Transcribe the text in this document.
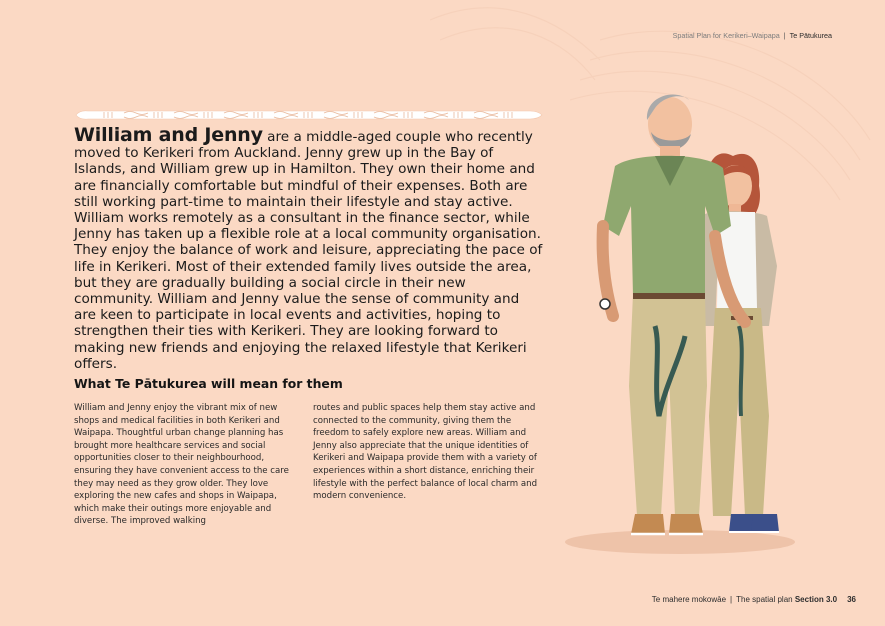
Spatial Plan for Kerikeri–Waipapa | Te Pātukurea

William and Jenny are a middle-aged couple who recently moved to Kerikeri from Auckland. Jenny grew up in the Bay of Islands, and William grew up in Hamilton. They own their home and are financially comfortable but mindful of their expenses. Both are still working part-time to maintain their lifestyle and stay active. William works remotely as a consultant in the finance sector, while Jenny has taken up a flexible role at a local community organisation. They enjoy the balance of work and leisure, appreciating the pace of life in Kerikeri. Most of their extended family lives outside the area, but they are gradually building a social circle in their new community. William and Jenny value the sense of community and are keen to participate in local events and activities, hoping to strengthen their ties with Kerikeri. They are looking forward to making new friends and enjoying the relaxed lifestyle that Kerikeri offers.

What Te Pātukurea will mean for them
William and Jenny enjoy the vibrant mix of new shops and medical facilities in both Kerikeri and Waipapa. Thoughtful urban change planning has brought more healthcare services and social opportunities closer to their neighbourhood, ensuring they have convenient access to the care they may need as they grow older. They love exploring the new cafes and shops in Waipapa, which make their outings more enjoyable and diverse. The improved walking
routes and public spaces help them stay active and connected to the community, giving them the freedom to safely explore new areas. William and Jenny also appreciate that the unique identities of Kerikeri and Waipapa provide them with a variety of experiences within a short distance, enriching their lifestyle with the perfect balance of local charm and modern convenience.
Te mahere mokowāe | The spatial plan Section 3.0 36
